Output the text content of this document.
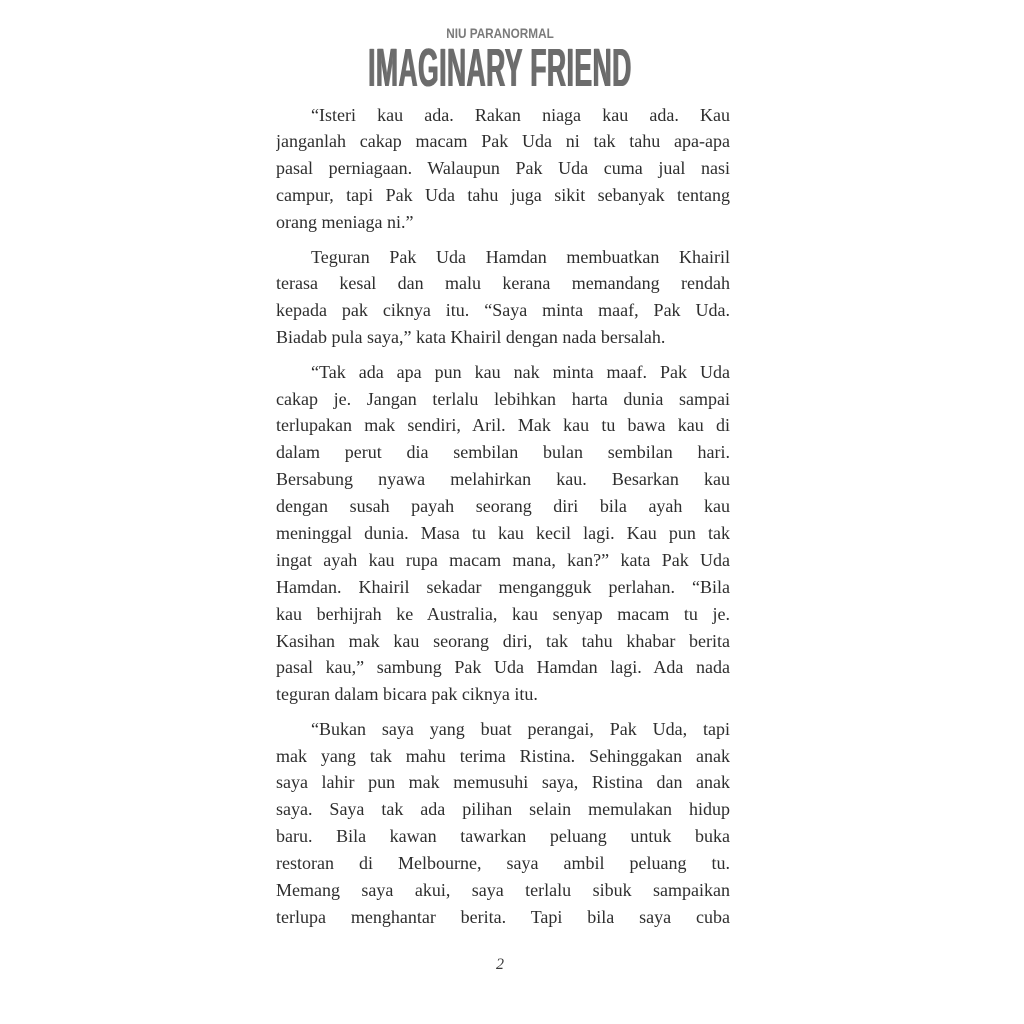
NIU PARANORMAL
IMAGINARY FRIEND
“Isteri kau ada. Rakan niaga kau ada. Kau
janganlah cakap macam Pak Uda ni tak tahu apa-apa
pasal perniagaan. Walaupun Pak Uda cuma jual nasi
campur, tapi Pak Uda tahu juga sikit sebanyak tentang
orang meniaga ni.”
Teguran Pak Uda Hamdan membuatkan Khairil
terasa kesal dan malu kerana memandang rendah
kepada pak ciknya itu. “Saya minta maaf, Pak Uda.
Biadab pula saya,” kata Khairil dengan nada bersalah.
“Tak ada apa pun kau nak minta maaf. Pak Uda
cakap je. Jangan terlalu lebihkan harta dunia sampai
terlupakan mak sendiri, Aril. Mak kau tu bawa kau di
dalam perut dia sembilan bulan sembilan hari.
Bersabung nyawa melahirkan kau. Besarkan kau
dengan susah payah seorang diri bila ayah kau
meninggal dunia. Masa tu kau kecil lagi. Kau pun tak
ingat ayah kau rupa macam mana, kan?” kata Pak Uda
Hamdan. Khairil sekadar mengangguk perlahan. “Bila
kau berhijrah ke Australia, kau senyap macam tu je.
Kasihan mak kau seorang diri, tak tahu khabar berita
pasal kau,” sambung Pak Uda Hamdan lagi. Ada nada
teguran dalam bicara pak ciknya itu.
“Bukan saya yang buat perangai, Pak Uda, tapi
mak yang tak mahu terima Ristina. Sehinggakan anak
saya lahir pun mak memusuhi saya, Ristina dan anak
saya. Saya tak ada pilihan selain memulakan hidup
baru. Bila kawan tawarkan peluang untuk buka
restoran di Melbourne, saya ambil peluang tu.
Memang saya akui, saya terlalu sibuk sampaikan
terlupa menghantar berita. Tapi bila saya cuba
2
